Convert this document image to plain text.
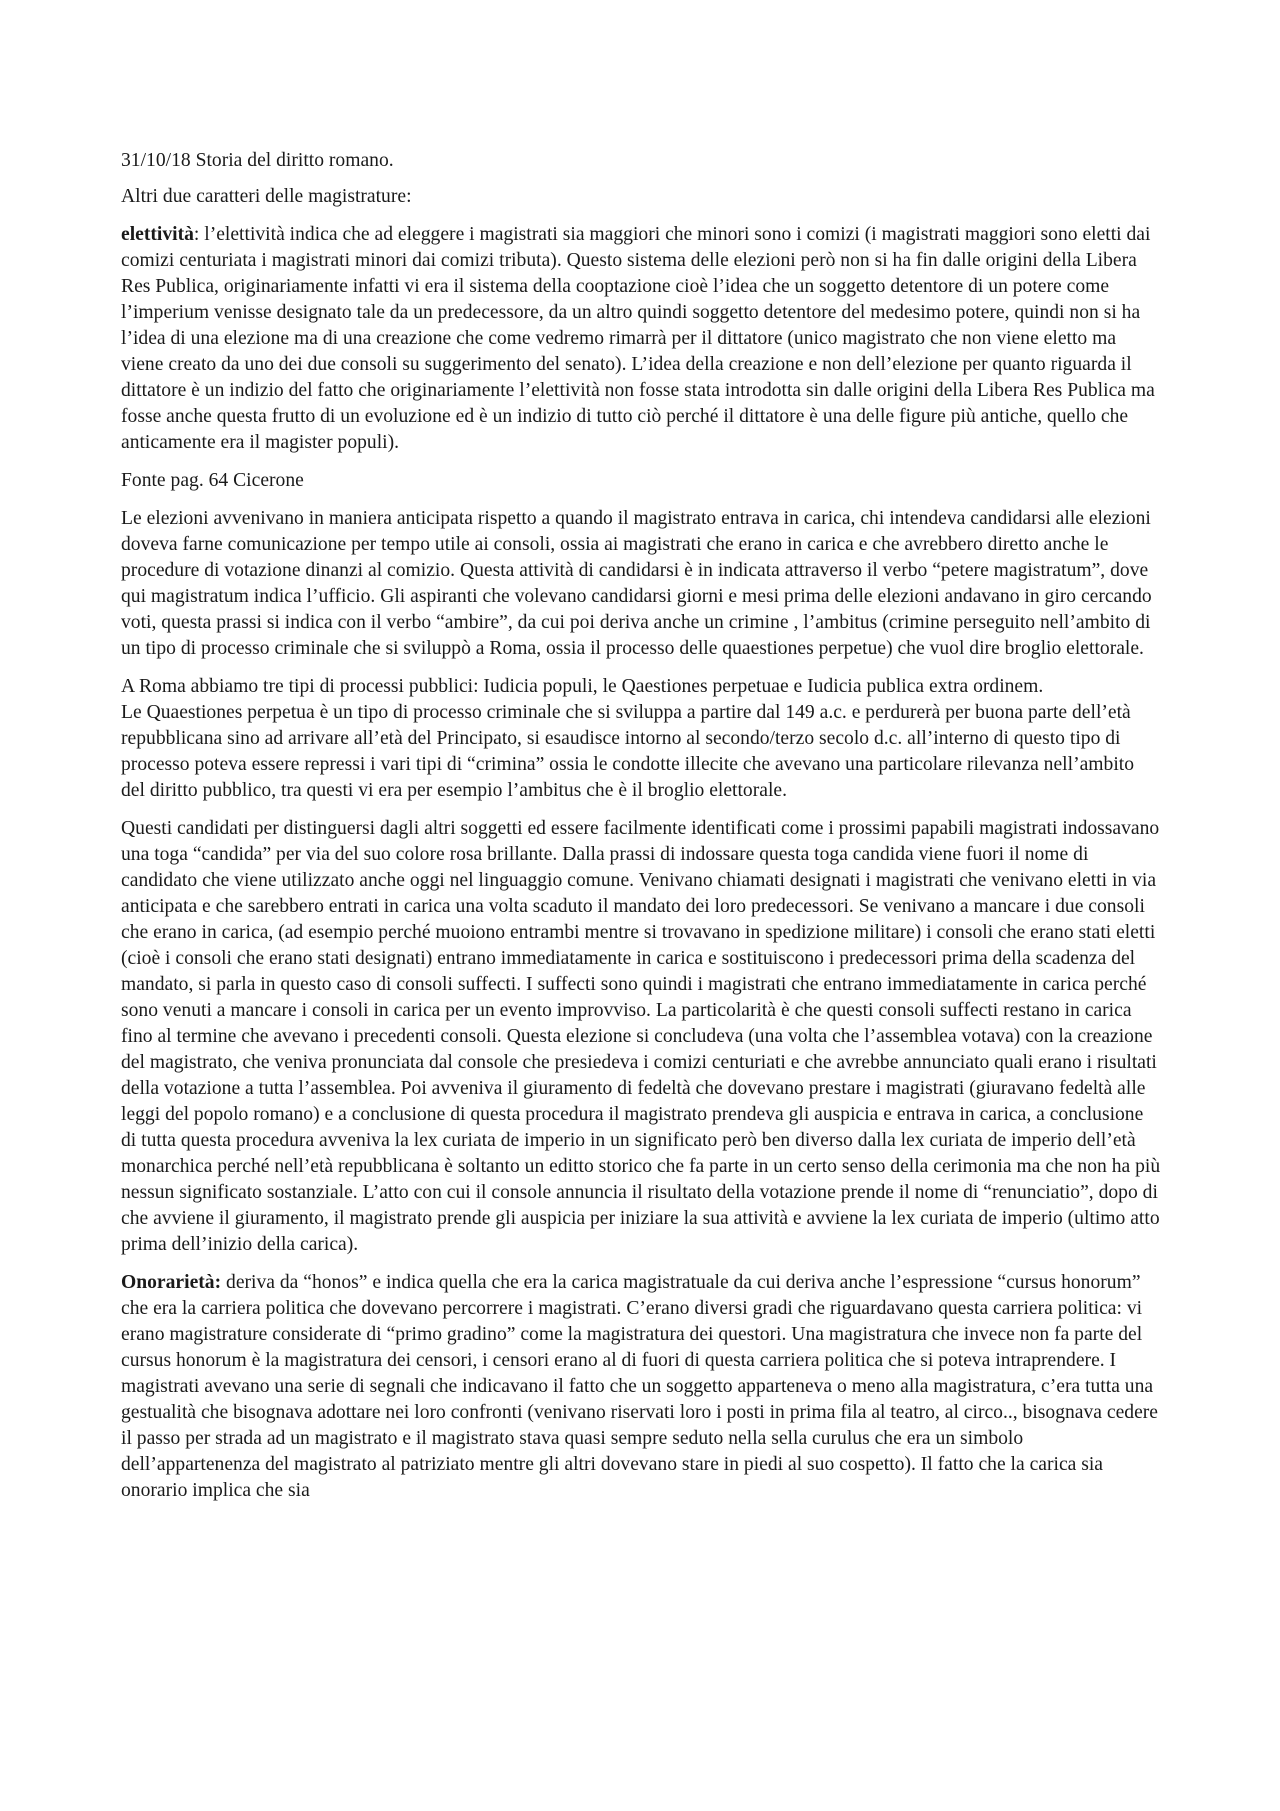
31/10/18 Storia del diritto romano.

Altri due caratteri delle magistrature:

elettività: l’elettività indica che ad eleggere i magistrati sia maggiori che minori sono i comizi (i magistrati maggiori sono eletti dai comizi centuriata i magistrati minori dai comizi tributa). Questo sistema delle elezioni però non si ha fin dalle origini della Libera Res Publica, originariamente infatti vi era il sistema della cooptazione cioè l’idea che un soggetto detentore di un potere come l’imperium venisse designato tale da un predecessore, da un altro quindi soggetto detentore del medesimo potere, quindi non si ha l’idea di una elezione ma di una creazione che come vedremo rimarrà per il dittatore (unico magistrato che non viene eletto ma viene creato da uno dei due consoli su suggerimento del senato). L’idea della creazione e non dell’elezione per quanto riguarda il dittatore è un indizio del fatto che originariamente l’elettività non fosse stata introdotta sin dalle origini della Libera Res Publica ma fosse anche questa frutto di un evoluzione ed è un indizio di tutto ciò perché il dittatore è una delle figure più antiche, quello che anticamente era il magister populi).

Fonte pag. 64 Cicerone

Le elezioni avvenivano in maniera anticipata rispetto a quando il magistrato entrava in carica, chi intendeva candidarsi alle elezioni doveva farne comunicazione per tempo utile ai consoli, ossia ai magistrati che erano in carica e che avrebbero diretto anche le procedure di votazione dinanzi al comizio. Questa attività di candidarsi è in indicata attraverso il verbo “petere magistratum”, dove qui magistratum indica l’ufficio. Gli aspiranti che volevano candidarsi giorni e mesi prima delle elezioni andavano in giro cercando voti, questa prassi si indica con il verbo “ambire”, da cui poi deriva anche un crimine , l’ambitus (crimine perseguito nell’ambito di un tipo di processo criminale che si sviluppò a Roma, ossia il processo delle quaestiones perpetue) che vuol dire broglio elettorale.

A Roma abbiamo tre tipi di processi pubblici: Iudicia populi, le Qaestiones perpetuae e Iudicia publica extra ordinem.
Le Quaestiones perpetua è un tipo di processo criminale che si sviluppa a partire dal 149 a.c. e perdurerà per buona parte dell’età repubblicana sino ad arrivare all’età del Principato, si esaudisce intorno al secondo/terzo secolo d.c. all’interno di questo tipo di processo poteva essere repressi i vari tipi di “crimina” ossia le condotte illecite che avevano una particolare rilevanza nell’ambito del diritto pubblico, tra questi vi era per esempio l’ambitus che è il broglio elettorale.

Questi candidati per distinguersi dagli altri soggetti ed essere facilmente identificati come i prossimi papabili magistrati indossavano una toga “candida” per via del suo colore rosa brillante. Dalla prassi di indossare questa toga candida viene fuori il nome di candidato che viene utilizzato anche oggi nel linguaggio comune. Venivano chiamati designati i magistrati che venivano eletti in via anticipata e che sarebbero entrati in carica una volta scaduto il mandato dei loro predecessori. Se venivano a mancare i due consoli che erano in carica, (ad esempio perché muoiono entrambi mentre si trovavano in spedizione militare) i consoli che erano stati eletti (cioè i consoli che erano stati designati) entrano immediatamente in carica e sostituiscono i predecessori prima della scadenza del mandato, si parla in questo caso di consoli suffecti. I suffecti sono quindi i magistrati che entrano immediatamente in carica perché sono venuti a mancare i consoli in carica per un evento improvviso. La particolarità è che questi consoli suffecti restano in carica fino al termine che avevano i precedenti consoli. Questa elezione si concludeva (una volta che l’assemblea votava) con la creazione del magistrato, che veniva pronunciata dal console che presiedeva i comizi centuriati e che avrebbe annunciato quali erano i risultati della votazione a tutta l’assemblea. Poi avveniva il giuramento di fedeltà che dovevano prestare i magistrati (giuravano fedeltà alle leggi del popolo romano) e a conclusione di questa procedura il magistrato prendeva gli auspicia e entrava in carica, a conclusione di tutta questa procedura avveniva la lex curiata de imperio in un significato però ben diverso dalla lex curiata de imperio dell’età monarchica perché nell’età repubblicana è soltanto un editto storico che fa parte in un certo senso della cerimonia ma che non ha più nessun significato sostanziale. L’atto con cui il console annuncia il risultato della votazione prende il nome di “renunciatio”, dopo di che avviene il giuramento, il magistrato prende gli auspicia per iniziare la sua attività e avviene la lex curiata de imperio (ultimo atto prima dell’inizio della carica).

Onorarietà: deriva da “honos” e indica quella che era la carica magistratuale da cui deriva anche l’espressione “cursus honorum” che era la carriera politica che dovevano percorrere i magistrati. C’erano diversi gradi che riguardavano questa carriera politica: vi erano magistrature considerate di “primo gradino” come la magistratura dei questori. Una magistratura che invece non fa parte del cursus honorum è la magistratura dei censori, i censori erano al di fuori di questa carriera politica che si poteva intraprendere. I magistrati avevano una serie di segnali che indicavano il fatto che un soggetto apparteneva o meno alla magistratura, c’era tutta una gestualità che bisognava adottare nei loro confronti (venivano riservati loro i posti in prima fila al teatro, al circo.., bisognava cedere il passo per strada ad un magistrato e il magistrato stava quasi sempre seduto nella sella curulus che era un simbolo dell’appartenenza del magistrato al patriziato mentre gli altri dovevano stare in piedi al suo cospetto). Il fatto che la carica sia onorario implica che sia
